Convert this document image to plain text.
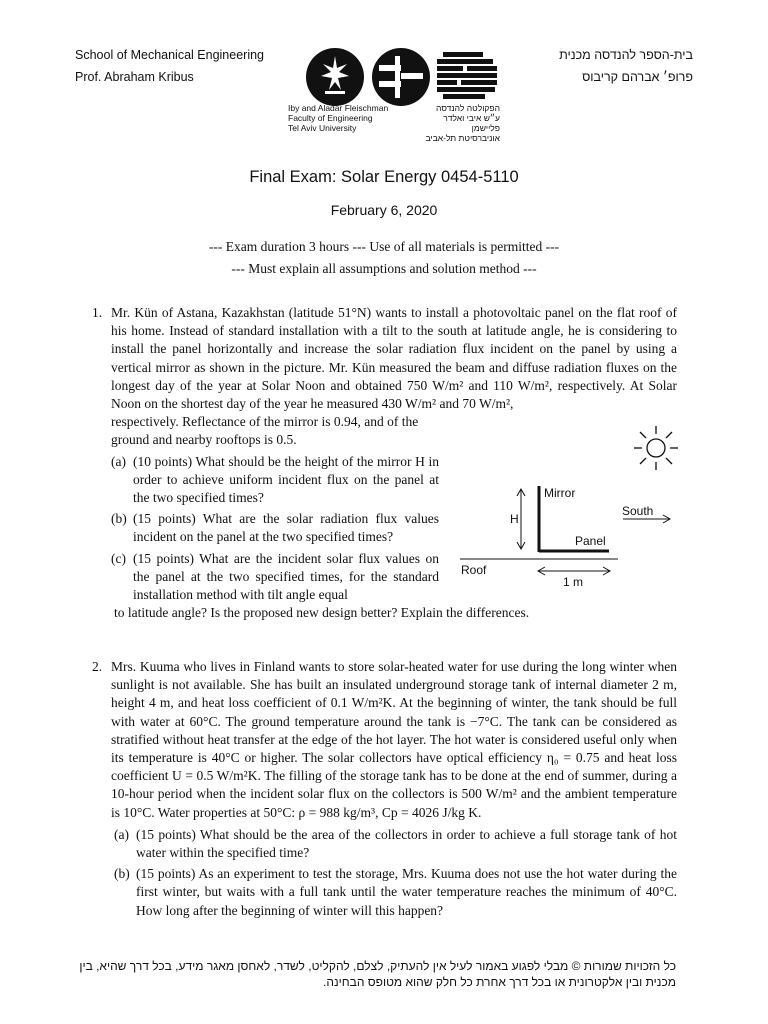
School of Mechanical Engineering
Prof. Abraham Kribus
בית-הספר להנדסה מכנית
פרופ׳ אברהם קריבוס
Iby and Aladar Fleischman
Faculty of Engineering
Tel Aviv University
הפקולטה להנדסה
ע״ש איבי ואלדר פליישמן
אוניברסיטת תל-אביב
Final Exam: Solar Energy 0454-5110
February 6, 2020
--- Exam duration 3 hours --- Use of all materials is permitted ---
--- Must explain all assumptions and solution method ---
1. Mr. Kün of Astana, Kazakhstan (latitude 51°N) wants to install a photovoltaic panel on the flat roof of his home. Instead of standard installation with a tilt to the south at latitude angle, he is considering to install the panel horizontally and increase the solar radiation flux incident on the panel by using a vertical mirror as shown in the picture. Mr. Kün measured the beam and diffuse radiation fluxes on the longest day of the year at Solar Noon and obtained 750 W/m² and 110 W/m², respectively. At Solar Noon on the shortest day of the year he measured 430 W/m² and 70 W/m²,

respectively. Reflectance of the mirror is 0.94, and of the ground and nearby rooftops is 0.5.

(a) (10 points) What should be the height of the mirror H in order to achieve uniform incident flux on the panel at the two specified times?
(b) (15 points) What are the solar radiation flux values incident on the panel at the two specified times?
(c) (15 points) What are the incident solar flux values on the panel at the two specified times, for the standard installation method with tilt angle equal
to latitude angle? Is the proposed new design better? Explain the differences.
Mirror
South
H
Panel
Roof
1 m
2. Mrs. Kuuma who lives in Finland wants to store solar-heated water for use during the long winter when sunlight is not available. She has built an insulated underground storage tank of internal diameter 2 m, height 4 m, and heat loss coefficient of 0.1 W/m²K. At the beginning of winter, the tank should be full with water at 60°C. The ground temperature around the tank is −7°C. The tank can be considered as stratified without heat transfer at the edge of the hot layer. The hot water is considered useful only when its temperature is 40°C or higher. The solar collectors have optical efficiency η₀ = 0.75 and heat loss coefficient U = 0.5 W/m²K. The filling of the storage tank has to be done at the end of summer, during a 10-hour period when the incident solar flux on the collectors is 500 W/m² and the ambient temperature is 10°C. Water properties at 50°C: ρ = 988 kg/m³, Cp = 4026 J/kg K.

(a) (15 points) What should be the area of the collectors in order to achieve a full storage tank of hot water within the specified time?
(b) (15 points) As an experiment to test the storage, Mrs. Kuuma does not use the hot water during the first winter, but waits with a full tank until the water temperature reaches the minimum of 40°C. How long after the beginning of winter will this happen?
כל הזכויות שמורות © מבלי לפגוע באמור לעיל אין להעתיק, לצלם, להקליט, לשדר, לאחסן מאגר מידע, בכל דרך שהיא, בין מכנית ובין אלקטרונית או בכל דרך אחרת כל חלק שהוא מטופס הבחינה.
